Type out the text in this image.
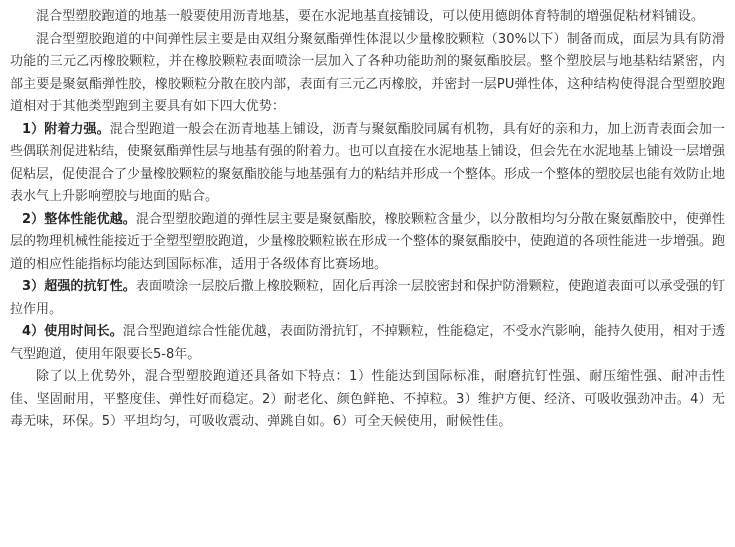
混合型塑胶跑道的地基一般要使用沥青地基，要在水泥地基直接铺设，可以使用德朗体育特制的增强促粘材料铺设。

混合型塑胶跑道的中间弹性层主要是由双组分聚氨酯弹性体混以少量橡胶颗粒（30%以下）制备而成，面层为具有防滑功能的三元乙丙橡胶颗粒，并在橡胶颗粒表面喷涂一层加入了各种功能助剂的聚氨酯胶层。整个塑胶层与地基粘结紧密，内部主要是聚氨酯弹性胶，橡胶颗粒分散在胶内部，表面有三元乙丙橡胶，并密封一层PU弹性体，这种结构使得混合型塑胶跑道相对于其他类型跑到主要具有如下四大优势：

1）附着力强。混合型跑道一般会在沥青地基上铺设，沥青与聚氨酯胶同属有机物，具有好的亲和力，加上沥青表面会加一些偶联剂促进粘结，使聚氨酯弹性层与地基有强的附着力。也可以直接在水泥地基上铺设，但会先在水泥地基上铺设一层增强促粘层，促使混合了少量橡胶颗粒的聚氨酯胶能与地基强有力的粘结并形成一个整体。形成一个整体的塑胶层也能有效防止地表水气上升影响塑胶与地面的贴合。

2）整体性能优越。混合型塑胶跑道的弹性层主要是聚氨酯胶，橡胶颗粒含量少，以分散相均匀分散在聚氨酯胶中，使弹性层的物理机械性能接近于全塑型塑胶跑道，少量橡胶颗粒嵌在形成一个整体的聚氨酯胶中，使跑道的各项性能进一步增强。跑道的相应性能指标均能达到国际标准，适用于各级体育比赛场地。

3）超强的抗钉性。表面喷涂一层胶后撒上橡胶颗粒，固化后再涂一层胶密封和保护防滑颗粒，使跑道表面可以承受强的钉拉作用。

4）使用时间长。混合型跑道综合性能优越，表面防滑抗钉，不掉颗粒，性能稳定，不受水汽影响，能持久使用，相对于透气型跑道，使用年限要长5-8年。

除了以上优势外，混合型塑胶跑道还具备如下特点：1）性能达到国际标准，耐磨抗钉性强、耐压缩性强、耐冲击性佳、坚固耐用，平整度佳、弹性好而稳定。2）耐老化、颜色鲜艳、不掉粒。3）维护方便、经济、可吸收强劲冲击。4）无毒无味，环保。5）平坦均匀，可吸收震动、弹跳自如。6）可全天候使用，耐候性佳。
